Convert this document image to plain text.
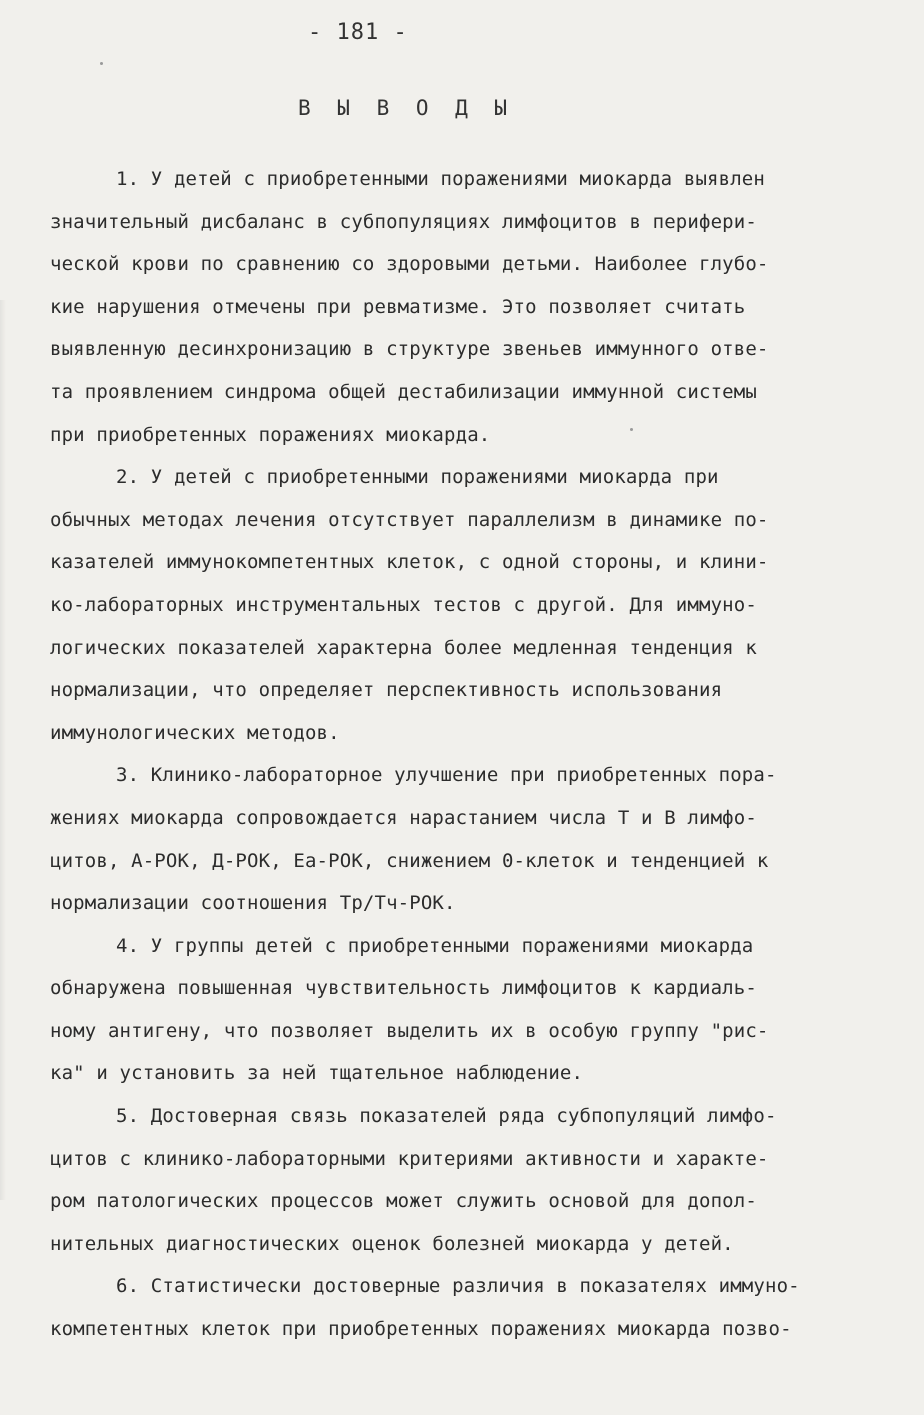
- 181 -
В Ы В О Д Ы
1. У детей с приобретенными поражениями миокарда выявлен
значительный дисбаланс в субпопуляциях лимфоцитов в перифери-
ческой крови по сравнению со здоровыми детьми. Наиболее глубо-
кие нарушения отмечены при ревматизме. Это позволяет считать
выявленную десинхронизацию в структуре звеньев иммунного отве-
та проявлением синдрома общей дестабилизации иммунной системы
при приобретенных поражениях миокарда.
2. У детей с приобретенными поражениями миокарда при
обычных методах лечения отсутствует параллелизм в динамике по-
казателей иммунокомпетентных клеток, с одной стороны, и клини-
ко-лабораторных инструментальных тестов с другой. Для иммуно-
логических показателей характерна более медленная тенденция к
нормализации, что определяет перспективность использования
иммунологических методов.
3. Клинико-лабораторное улучшение при приобретенных пора-
жениях миокарда сопровождается нарастанием числа Т и В лимфо-
цитов, А-РОК, Д-РОК, Еа-РОК, снижением 0-клеток и тенденцией к
нормализации соотношения Тр/Тч-РОК.
4. У группы детей с приобретенными поражениями миокарда
обнаружена повышенная чувствительность лимфоцитов к кардиаль-
ному антигену, что позволяет выделить их в особую группу "рис-
ка" и установить за ней тщательное наблюдение.
5. Достоверная связь показателей ряда субпопуляций лимфо-
цитов с клинико-лабораторными критериями активности и характе-
ром патологических процессов может служить основой для допол-
нительных диагностических оценок болезней миокарда у детей.
6. Статистически достоверные различия в показателях иммуно-
компетентных клеток при приобретенных поражениях миокарда позво-
